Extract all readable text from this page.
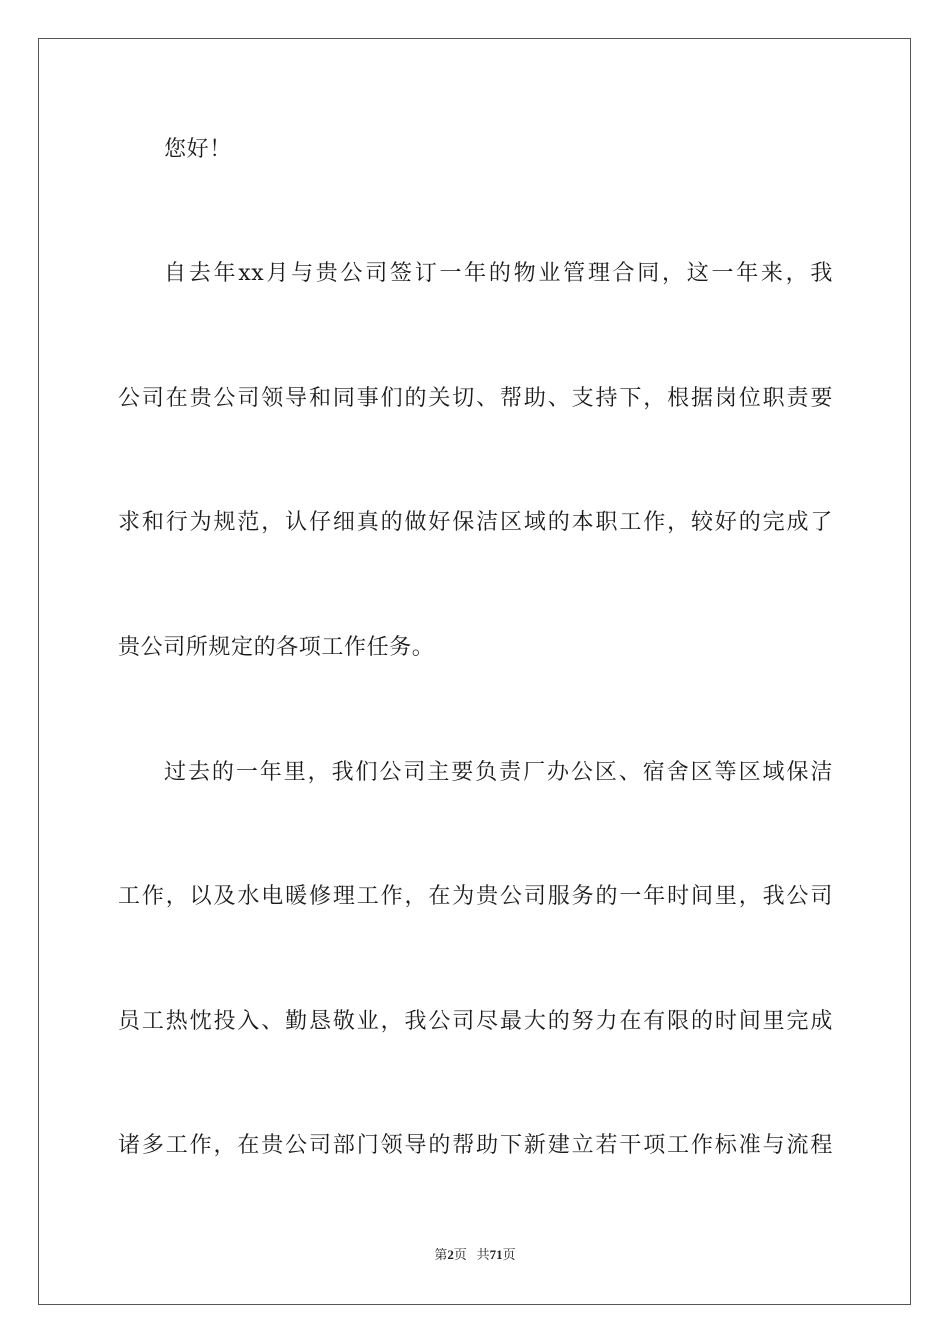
您好！
自去年xx月与贵公司签订一年的物业管理合同，这一年来，我
公司在贵公司领导和同事们的关切、帮助、支持下，根据岗位职责要
求和行为规范，认仔细真的做好保洁区域的本职工作，较好的完成了
贵公司所规定的各项工作任务。
过去的一年里，我们公司主要负责厂办公区、宿舍区等区域保洁
工作，以及水电暖修理工作，在为贵公司服务的一年时间里，我公司
员工热忱投入、勤恳敬业，我公司尽最大的努力在有限的时间里完成
诸多工作，在贵公司部门领导的帮助下新建立若干项工作标准与流程
第2页 共71页
